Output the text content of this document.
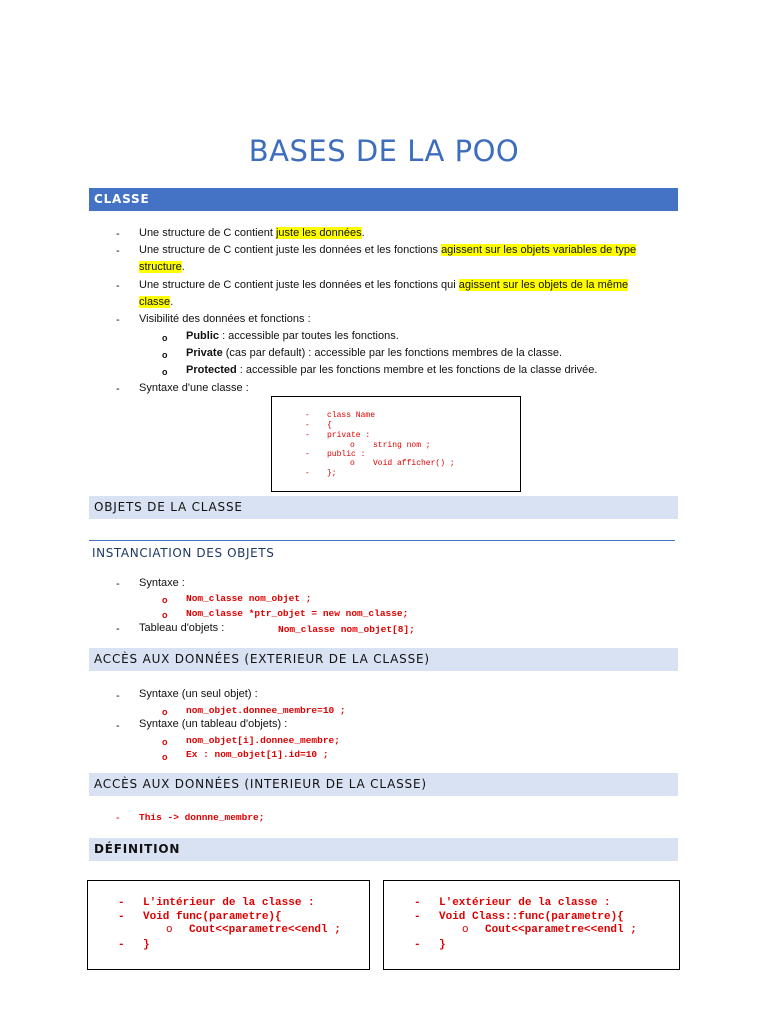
BASES DE LA POO
CLASSE
- Une structure de C contient juste les données.
- Une structure de C contient juste les données et les fonctions agissent sur les objets variables de type
structure.
- Une structure de C contient juste les données et les fonctions qui agissent sur les objets de la même
classe.
- Visibilité des données et fonctions :
o Public : accessible par toutes les fonctions.
o Private (cas par default) : accessible par les fonctions membres de la classe.
o Protected : accessible par les fonctions membre et les fonctions de la classe drivée.
- Syntaxe d'une classe :
- class Name
- {
- private :
o string nom ;
- public :
o Void afficher() ;
- };
OBJETS DE LA CLASSE
INSTANCIATION DES OBJETS
- Syntaxe :
o Nom_classe nom_objet ;
o Nom_classe *ptr_objet = new nom_classe;
- Tableau d'objets :	Nom_classe nom_objet[8];
ACCÈS AUX DONNÉES (EXTERIEUR DE LA CLASSE)
- Syntaxe (un seul objet) :
o nom_objet.donnee_membre=10 ;
- Syntaxe (un tableau d'objets) :
o nom_objet[i].donnee_membre;
o Ex : nom_objet[1].id=10 ;
ACCÈS AUX DONNÉES (INTERIEUR DE LA CLASSE)
- This -> donnne_membre;
DÉFINITION
- L'intérieur de la classe :
- Void func(parametre){
o Cout<<parametre<<endl ;
- }
- L'extérieur de la classe :
- Void Class::func(parametre){
o Cout<<parametre<<endl ;
- }
